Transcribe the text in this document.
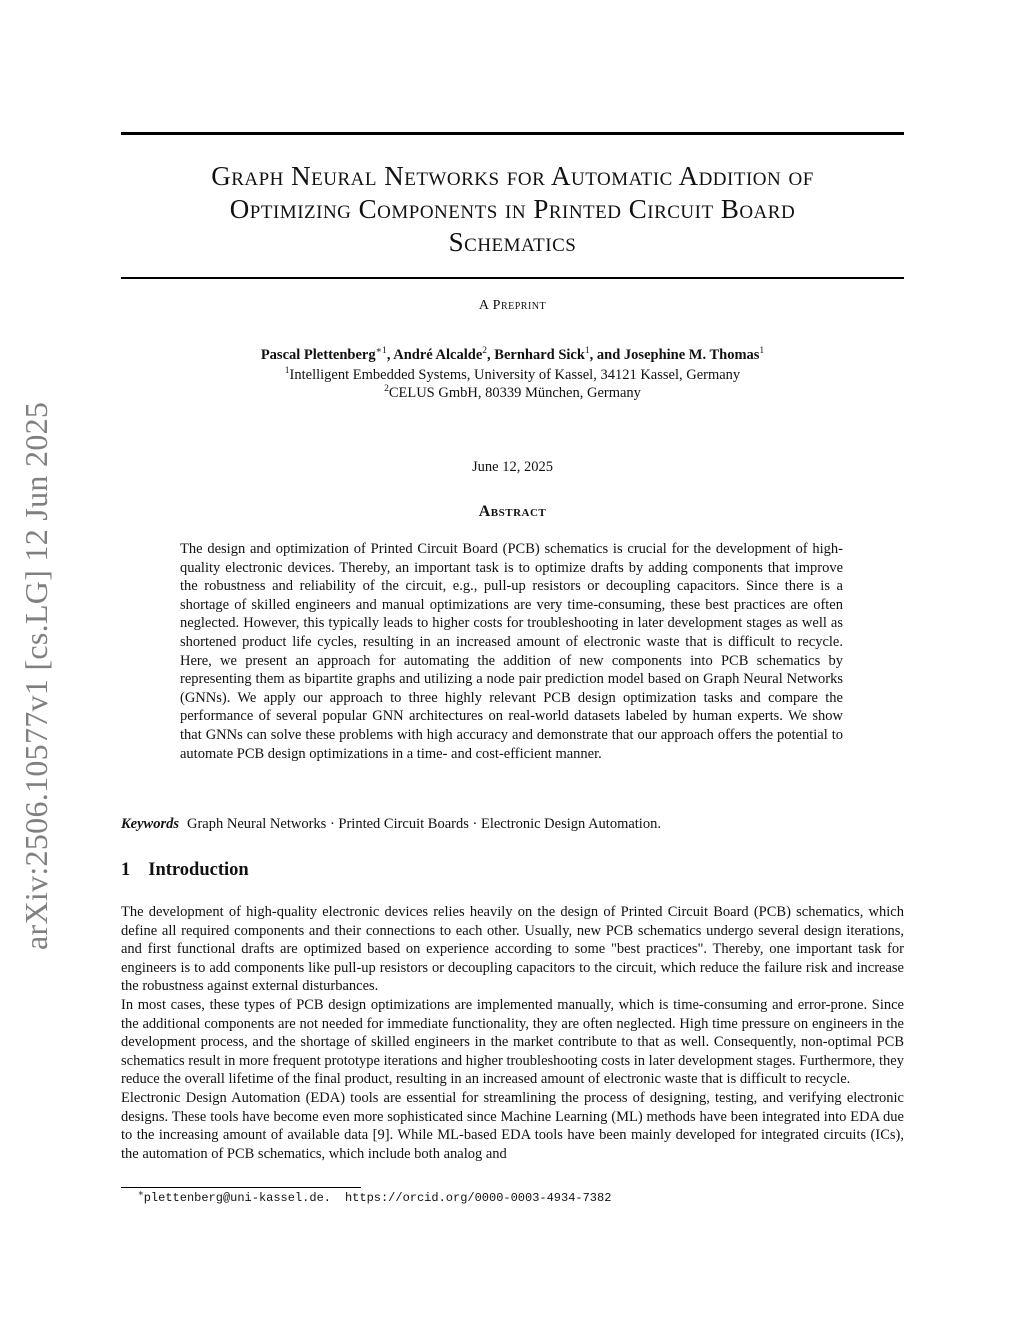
arXiv:2506.10577v1 [cs.LG] 12 Jun 2025
Graph Neural Networks for Automatic Addition of
Optimizing Components in Printed Circuit Board
Schematics
A Preprint
Pascal Plettenberg$^{∗1}$, André Alcalde$^2$, Bernhard Sick$^1$, and Josephine M. Thomas$^1$
$^1$Intelligent Embedded Systems, University of Kassel, 34121 Kassel, Germany
$^2$CELUS GmbH, 80339 München, Germany
June 12, 2025
Abstract
The design and optimization of Printed Circuit Board (PCB) schematics is crucial for the development of high-quality electronic devices. Thereby, an important task is to optimize drafts by adding components that improve the robustness and reliability of the circuit, e.g., pull-up resistors or decoupling capacitors. Since there is a shortage of skilled engineers and manual optimizations are very time-consuming, these best practices are often neglected. However, this typically leads to higher costs for troubleshooting in later development stages as well as shortened product life cycles, resulting in an increased amount of electronic waste that is difficult to recycle. Here, we present an approach for automating the addition of new components into PCB schematics by representing them as bipartite graphs and utilizing a node pair prediction model based on Graph Neural Networks (GNNs). We apply our approach to three highly relevant PCB design optimization tasks and compare the performance of several popular GNN architectures on real-world datasets labeled by human experts. We show that GNNs can solve these problems with high accuracy and demonstrate that our approach offers the potential to automate PCB design optimizations in a time- and cost-efficient manner.
Keywords Graph Neural Networks · Printed Circuit Boards · Electronic Design Automation.
1 Introduction

The development of high-quality electronic devices relies heavily on the design of Printed Circuit Board (PCB) schematics, which define all required components and their connections to each other. Usually, new PCB schematics undergo several design iterations, and first functional drafts are optimized based on experience according to some "best practices". Thereby, one important task for engineers is to add components like pull-up resistors or decoupling capacitors to the circuit, which reduce the failure risk and increase the robustness against external disturbances.

In most cases, these types of PCB design optimizations are implemented manually, which is time-consuming and error-prone. Since the additional components are not needed for immediate functionality, they are often neglected. High time pressure on engineers in the development process, and the shortage of skilled engineers in the market contribute to that as well. Consequently, non-optimal PCB schematics result in more frequent prototype iterations and higher troubleshooting costs in later development stages. Furthermore, they reduce the overall lifetime of the final product, resulting in an increased amount of electronic waste that is difficult to recycle.

Electronic Design Automation (EDA) tools are essential for streamlining the process of designing, testing, and verifying electronic designs. These tools have become even more sophisticated since Machine Learning (ML) methods have been integrated into EDA due to the increasing amount of available data [9]. While ML-based EDA tools have been mainly developed for integrated circuits (ICs), the automation of PCB schematics, which include both analog and

∗plettenberg@uni-kassel.de. https://orcid.org/0000-0003-4934-7382
